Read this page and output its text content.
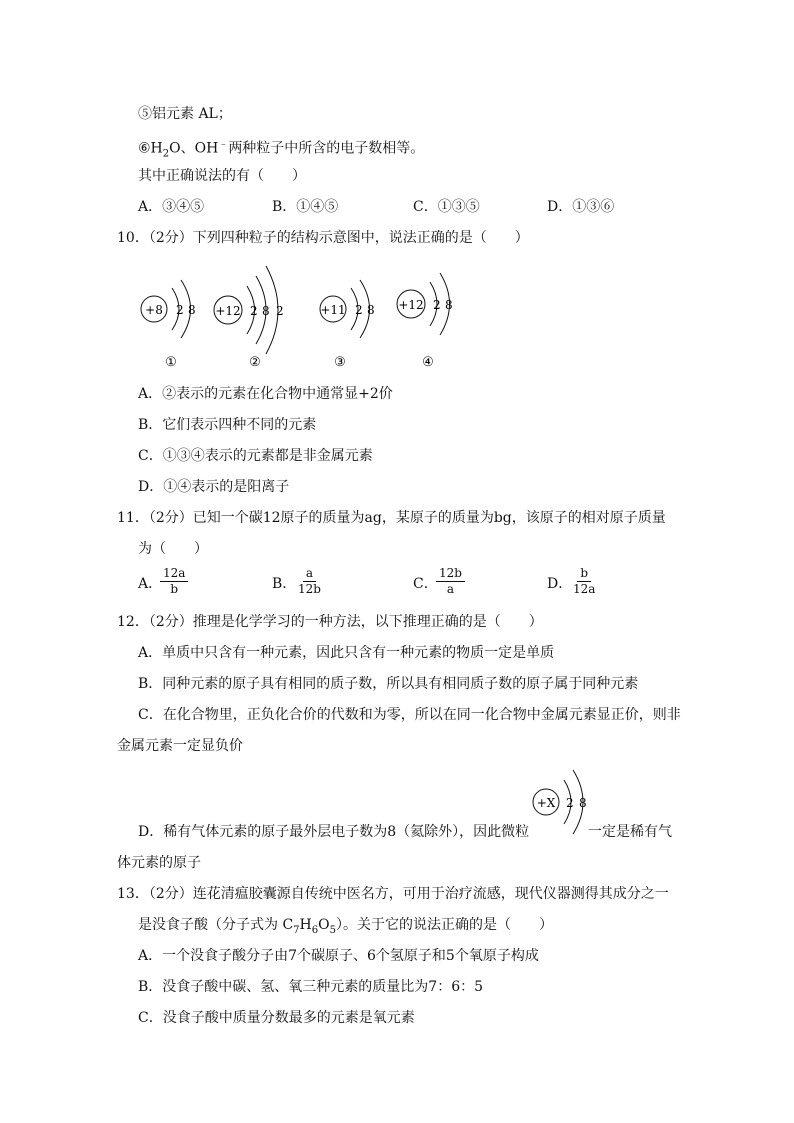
⑤铝元素 AL；
$⑥H_2O$、OH﹣两种粒子中所含的电子数相等。
其中正确说法的有（　　）
A．③④⑤	B．①④⑤	C．①③⑤	D．①③⑥
10．（2分）下列四种粒子的结构示意图中，说法正确的是（　　）
+8 2 8
①
+12 2 8 2
②
+11 2 8
③
+12 2 8
④
A．②表示的元素在化合物中通常显+2价
B．它们表示四种不同的元素
C．①③④表示的元素都是非金属元素
D．①④表示的是阳离子
11．（2分）已知一个碳12原子的质量为ag，某原子的质量为bg，该原子的相对原子质量
为（　　）
A．
$\frac{12a}{b}$	B．
$\frac{a}{12b}$	C．
$\frac{12b}{a}$	D．
$\frac{b}{12a}$
12．（2分）推理是化学学习的一种方法，以下推理正确的是（　　）
A．单质中只含有一种元素，因此只含有一种元素的物质一定是单质
B．同种元素的原子具有相同的质子数，所以具有相同质子数的原子属于同种元素
C．在化合物里，正负化合价的代数和为零，所以在同一化合物中金属元素显正价，则非
金属元素一定显负价
+X 2 8
D．稀有气体元素的原子最外层电子数为8（氦除外），因此微粒	一定是稀有气
体元素的原子
13．（2分）连花清瘟胶囊源自传统中医名方，可用于治疗流感，现代仪器测得其成分之一
是没食子酸（分子式为 $C_7H_6O_5$）。关于它的说法正确的是（　　）
A．一个没食子酸分子由7个碳原子、6个氢原子和5个氧原子构成
B．没食子酸中碳、氢、氧三种元素的质量比为7：6：5
C．没食子酸中质量分数最多的元素是氧元素
